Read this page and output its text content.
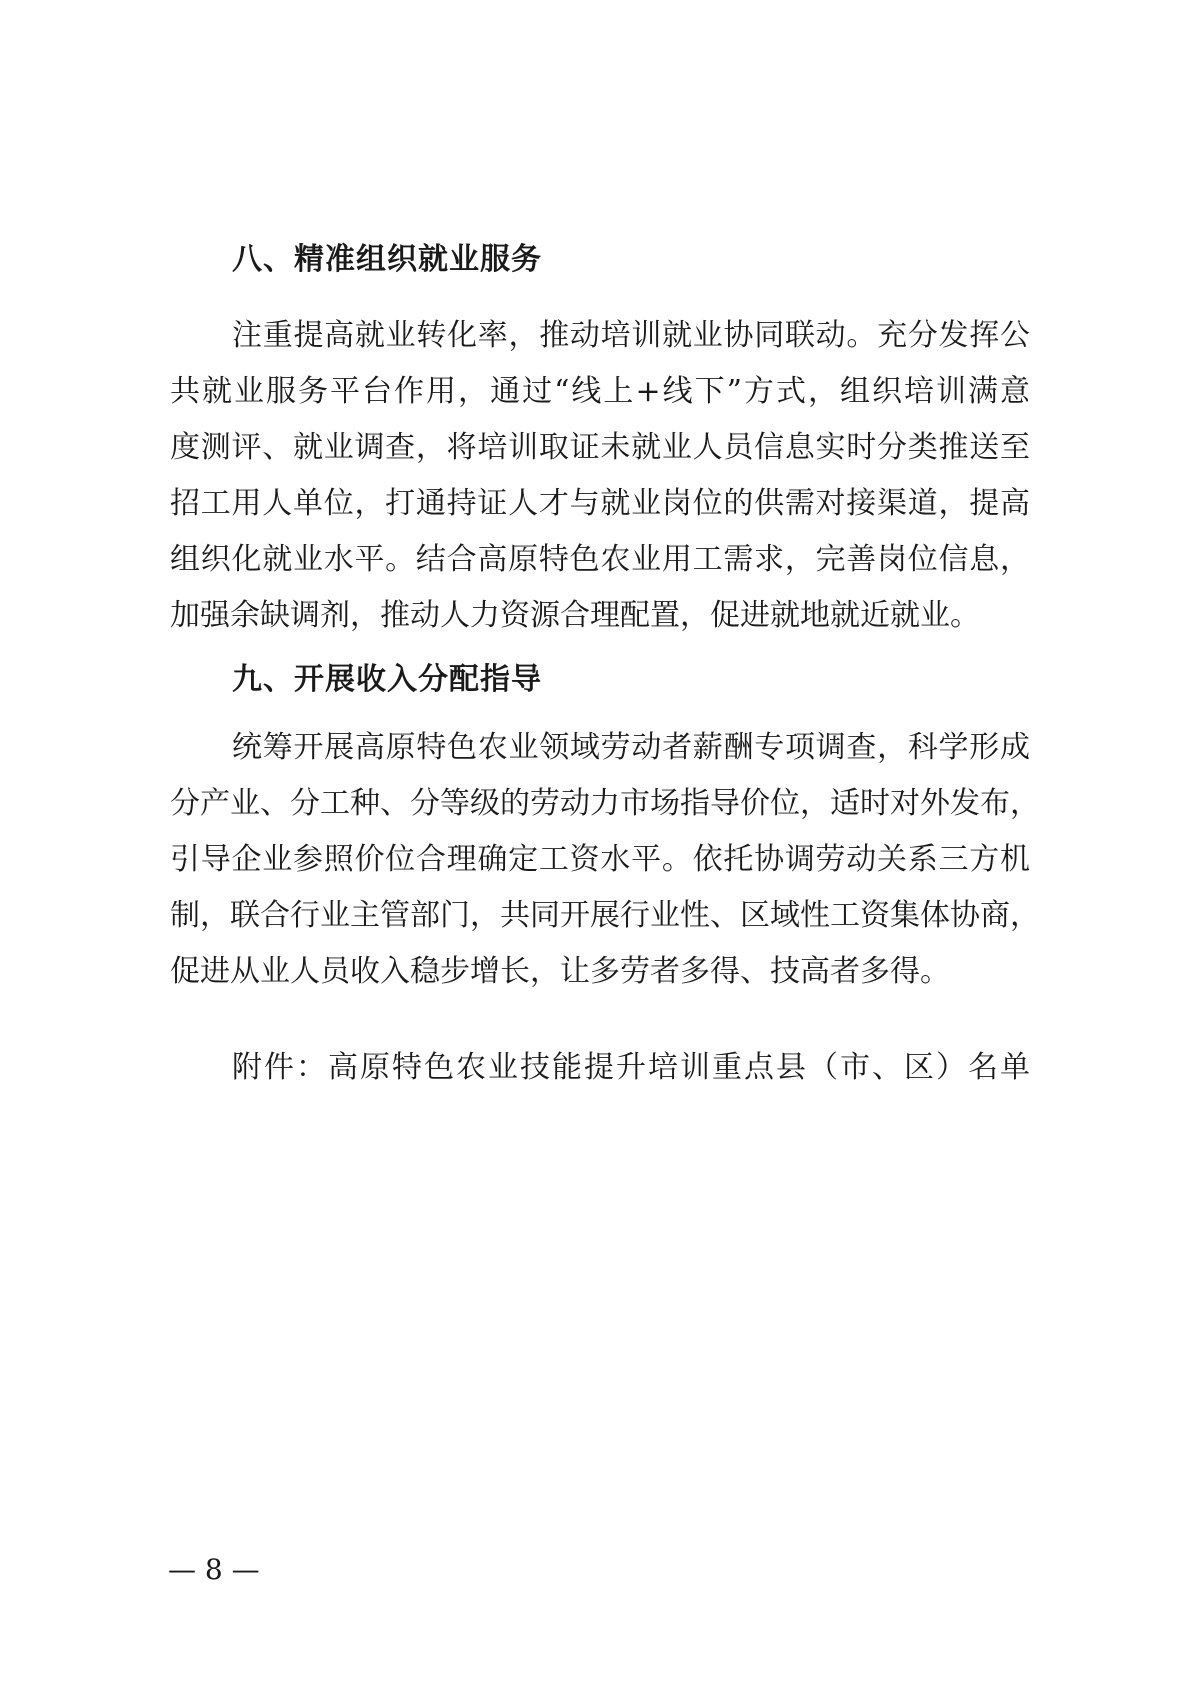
八、精准组织就业服务
注重提高就业转化率，推动培训就业协同联动。充分发挥公
共就业服务平台作用，通过“线上+线下”方式，组织培训满意
度测评、就业调查，将培训取证未就业人员信息实时分类推送至
招工用人单位，打通持证人才与就业岗位的供需对接渠道，提高
组织化就业水平。结合高原特色农业用工需求，完善岗位信息，
加强余缺调剂，推动人力资源合理配置，促进就地就近就业。
九、开展收入分配指导
统筹开展高原特色农业领域劳动者薪酬专项调查，科学形成
分产业、分工种、分等级的劳动力市场指导价位，适时对外发布，
引导企业参照价位合理确定工资水平。依托协调劳动关系三方机
制，联合行业主管部门，共同开展行业性、区域性工资集体协商，
促进从业人员收入稳步增长，让多劳者多得、技高者多得。
附件：高原特色农业技能提升培训重点县（市、区）名单
— 8 —
